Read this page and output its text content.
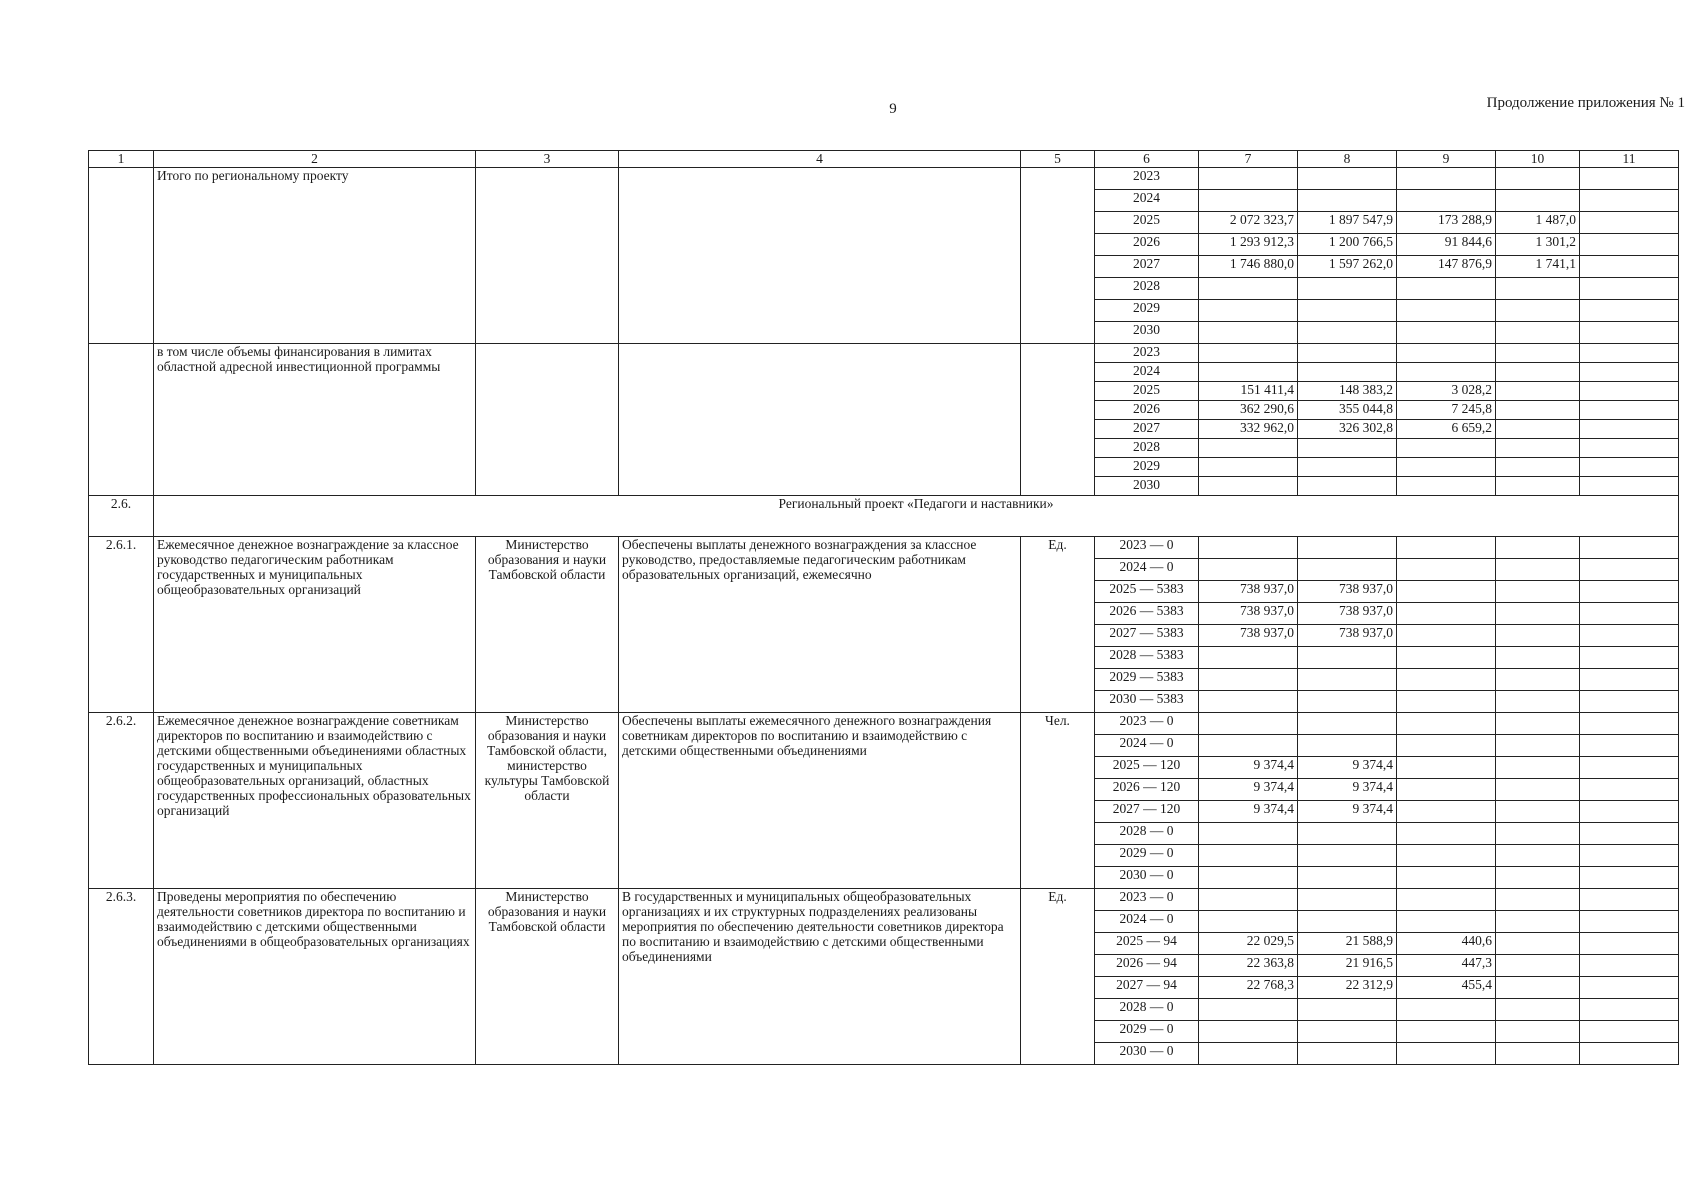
9	Продолжение приложения № 1
1	2	3	4	5	6	7	8	9	10	11
	Итого по региональному проекту				2023					
					2024					
					2025	2 072 323,7	1 897 547,9	173 288,9	1 487,0	
					2026	1 293 912,3	1 200 766,5	91 844,6	1 301,2	
					2027	1 746 880,0	1 597 262,0	147 876,9	1 741,1	
					2028					
					2029					
					2030					
	в том числе объемы финансирования в лимитах областной адресной инвестиционной программы				2023					
					2024					
					2025	151 411,4	148 383,2	3 028,2		
					2026	362 290,6	355 044,8	7 245,8		
					2027	332 962,0	326 302,8	6 659,2		
					2028					
					2029					
					2030					
2.6.	Региональный проект «Педагоги и наставники»									
2.6.1.	Ежемесячное денежное вознаграждение за классное руководство педагогическим работникам государственных и муниципальных общеобразовательных организаций	Министерство образования и науки Тамбовской области	Обеспечены выплаты денежного вознаграждения за классное руководство, предоставляемые педагогическим работникам образовательных организаций, ежемесячно	Ед.	2023 — 0					
					2024 — 0					
					2025 — 5383	738 937,0	738 937,0			
					2026 — 5383	738 937,0	738 937,0			
					2027 — 5383	738 937,0	738 937,0			
					2028 — 5383					
					2029 — 5383					
					2030 — 5383					
2.6.2.	Ежемесячное денежное вознаграждение советникам директоров по воспитанию и взаимодействию с детскими общественными объединениями областных государственных и муниципальных общеобразовательных организаций, областных государственных профессиональных образовательных организаций	Министерство образования и науки Тамбовской области, министерство культуры Тамбовской области	Обеспечены выплаты ежемесячного денежного вознаграждения советникам директоров по воспитанию и взаимодействию с детскими общественными объединениями	Чел.	2023 — 0					
					2024 — 0					
					2025 — 120	9 374,4	9 374,4			
					2026 — 120	9 374,4	9 374,4			
					2027 — 120	9 374,4	9 374,4			
					2028 — 0					
					2029 — 0					
					2030 — 0					
2.6.3.	Проведены мероприятия по обеспечению деятельности советников директора по воспитанию и взаимодействию с детскими общественными объединениями в общеобразовательных организациях	Министерство образования и науки Тамбовской области	В государственных и муниципальных общеобразовательных организациях и их структурных подразделениях реализованы мероприятия по обеспечению деятельности советников директора по воспитанию и взаимодействию с детскими общественными объединениями	Ед.	2023 — 0					
					2024 — 0					
					2025 — 94	22 029,5	21 588,9	440,6		
					2026 — 94	22 363,8	21 916,5	447,3		
					2027 — 94	22 768,3	22 312,9	455,4		
					2028 — 0					
					2029 — 0					
					2030 — 0					
